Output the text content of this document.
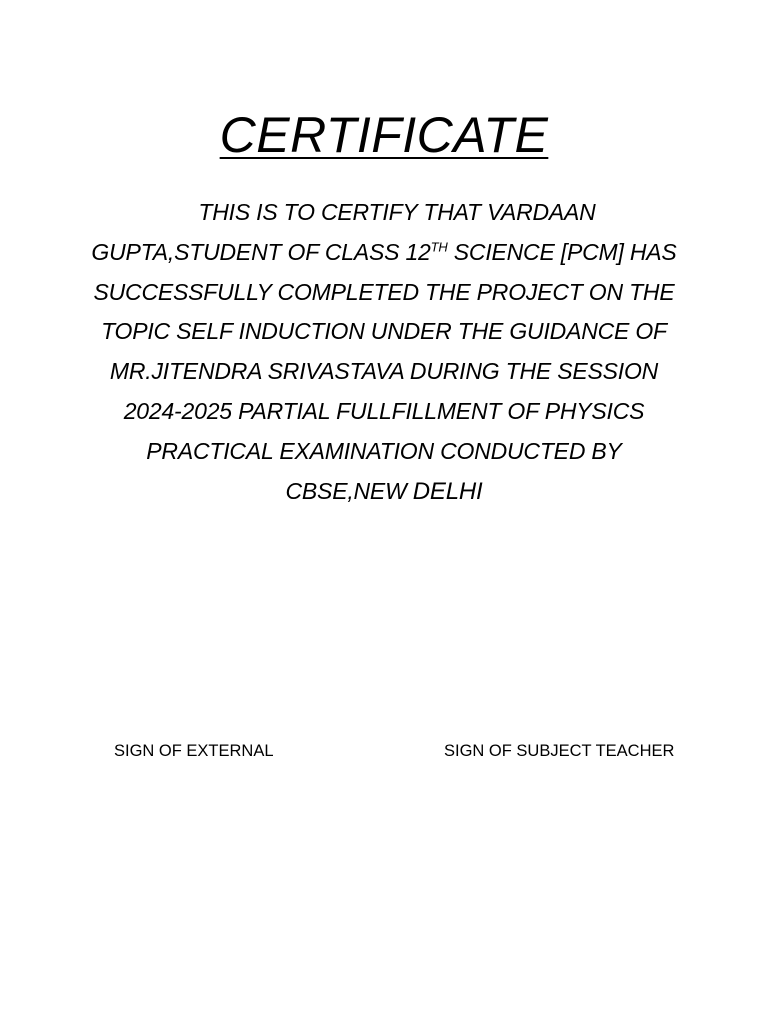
CERTIFICATE

THIS IS TO CERTIFY THAT VARDAAN
GUPTA,STUDENT OF CLASS 12TH SCIENCE [PCM] HAS
SUCCESSFULLY COMPLETED THE PROJECT ON THE
TOPIC SELF INDUCTION UNDER THE GUIDANCE OF
MR.JITENDRA SRIVASTAVA DURING THE SESSION
2024-2025 PARTIAL FULLFILLMENT OF PHYSICS
PRACTICAL EXAMINATION CONDUCTED BY
CBSE,NEW DELHI

SIGN OF EXTERNAL	SIGN OF SUBJECT TEACHER
